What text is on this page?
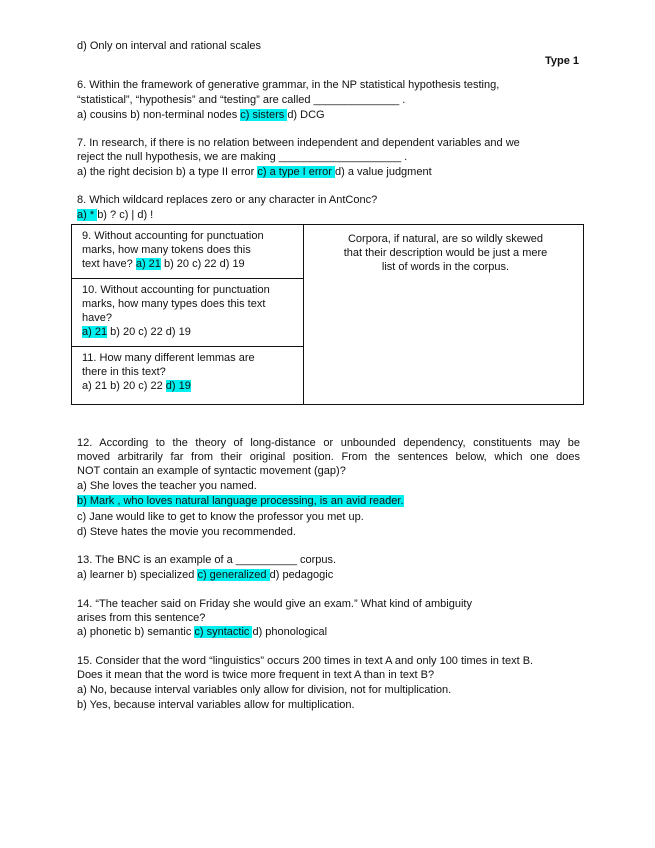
d) Only on interval and rational scales
Type 1
6. Within the framework of generative grammar, in the NP statistical hypothesis testing,
“statistical”, “hypothesis” and “testing” are called ______________ .
a) cousins b) non-terminal nodes c) sisters d) DCG
7. In research, if there is no relation between independent and dependent variables and we
reject the null hypothesis, we are making ____________________ .
a) the right decision b) a type II error c) a type I error d) a value judgment
8. Which wildcard replaces zero or any character in AntConc?
a) * b) ? c) | d) !
9. Without accounting for punctuation
marks, how many tokens does this
text have? a) 21 b) 20 c) 22 d) 19

Corpora, if natural, are so wildly skewed
that their description would be just a mere
list of words in the corpus.

10. Without accounting for punctuation
marks, how many types does this text
have?
a) 21 b) 20 c) 22 d) 19

11. How many different lemmas are
there in this text?
a) 21 b) 20 c) 22 d) 19
12. According to the theory of long-distance or unbounded dependency, constituents may be
moved arbitrarily far from their original position. From the sentences below, which one does
NOT contain an example of syntactic movement (gap)?
a) She loves the teacher you named.
b) Mark , who loves natural language processing, is an avid reader.
c) Jane would like to get to know the professor you met up.
d) Steve hates the movie you recommended.
13. The BNC is an example of a __________ corpus.
a) learner b) specialized c) generalized d) pedagogic
14. “The teacher said on Friday she would give an exam.” What kind of ambiguity
arises from this sentence?
a) phonetic b) semantic c) syntactic d) phonological
15. Consider that the word “linguistics” occurs 200 times in text A and only 100 times in text B.
Does it mean that the word is twice more frequent in text A than in text B?
a) No, because interval variables only allow for division, not for multiplication.
b) Yes, because interval variables allow for multiplication.
